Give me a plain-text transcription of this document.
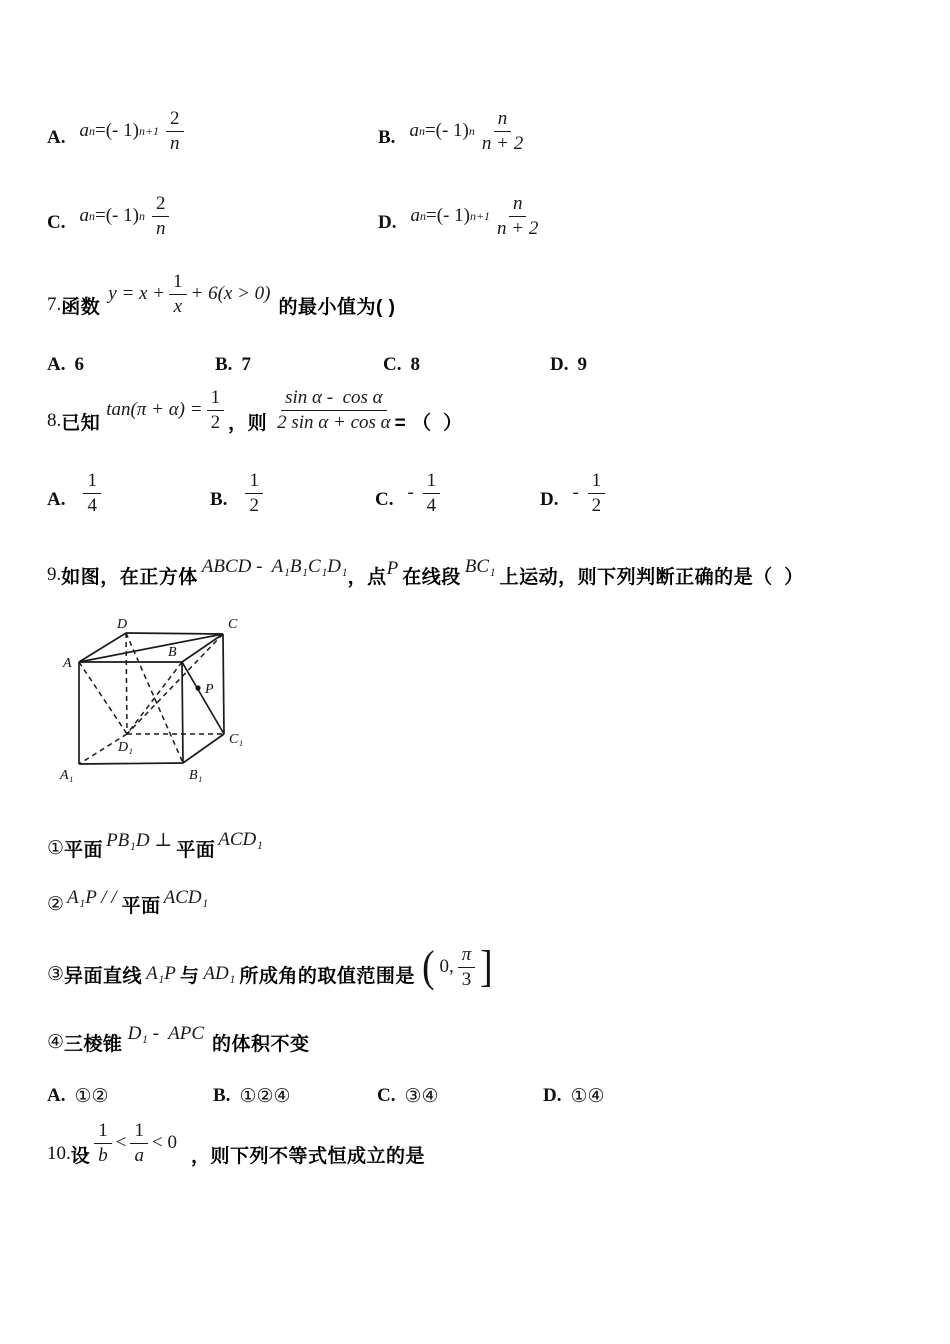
A. a n =(- 1) $n+1 \frac{2}{n}$	B. a n =(- 1) n $\frac{n}{n + 2}$
C. a n =(- 1) n $\frac{2}{n}$	D. a n =(- 1) $n+1 \frac{n}{n + 2}$
7. 函数
$y = x + \frac{1}{x} + 6(x > 0)$
的最小值为( )
A. 6	B. 7	C. 8	D. 9
8. 已知
$\tan(\pi + \alpha) = \frac{1}{2}$ ，则 $\frac{\text{sin α -  cos α}}{\text{2 sin α + cos α}}$ = （  ）
A. $\frac{1}{4}$	B. $\frac{1}{2}$	C. - $\frac{1}{4}$	D. - $\frac{1}{2}$
9. 如图，在正方体 ABCD -  A₁B₁C₁D₁ ，点 P 在线段 BC₁ 上运动，则下列判断正确的是（  ）
D	C
A
B
P
D₁
C₁
A₁	B₁
① 平面 PB₁D ⊥ 平面 ACD₁
② A₁P / / 平面 ACD₁
③ 异面直线 A₁P 与 AD₁ 所成角的取值范围是 ( 0, $\frac{\pi}{3}$ ]
④ 三棱锥 D₁ -  APC 的体积不变
A. ①②	B. ①②④	C. ③④	D. ①④
10. 设 $\frac{1}{b} < \frac{1}{a} < 0$
，则下列不等式恒成立的是
